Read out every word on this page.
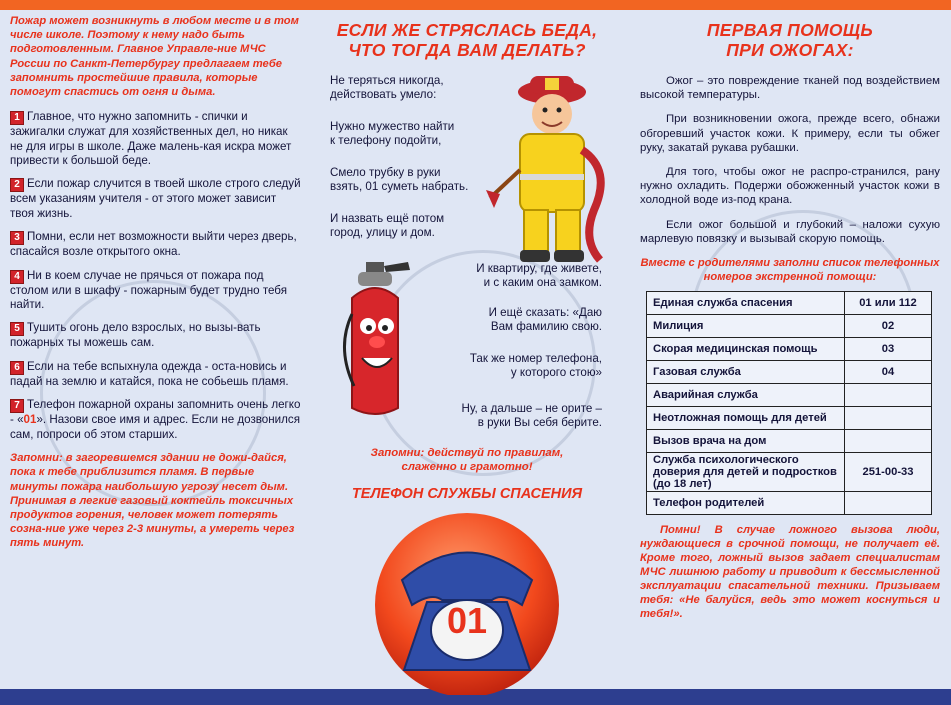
Пожар может возникнуть в любом месте и в том числе школе. Поэтому к нему надо быть подготовленным. Главное Управле-ние МЧС России по Санкт-Петербургу предлагаем тебе запомнить простейшие правила, которые помогут спастись от огня и дыма.

1 Главное, что нужно запомнить - спички и зажигалки служат для хозяйственных дел, но никак не для игры в школе. Даже малень-кая искра может привести к большой беде.

2 Если пожар случится в твоей школе строго следуй всем указаниям учителя - от этого может зависит твоя жизнь.

3 Помни, если нет возможности выйти через дверь, спасайся возле открытого окна.

4 Ни в коем случае не прячься от пожара под столом или в шкафу - пожарным будет трудно тебя найти.

5 Тушить огонь дело взрослых, но вызы-вать пожарных ты можешь сам.

6 Если на тебе вспыхнула одежда - оста-новись и падай на землю и катайся, пока не собьешь пламя.

7 Телефон пожарной охраны запомнить очень легко - «01». Назови свое имя и адрес. Если не дозвонился сам, попроси об этом старших.

Запомни: в загоревшемся здании не дожи-дайся, пока к тебе приблизится пламя. В первые минуты пожара наибольшую угрозу несет дым. Принимая в легкие газовый коктейль токсичных продуктов горения, человек может потерять созна-ние уже через 2-3 минуты, а умереть через пять минут.

ЕСЛИ ЖЕ СТРЯСЛАСЬ БЕДА,
ЧТО ТОГДА ВАМ ДЕЛАТЬ?
Не теряться никогда,
действовать умело:
Нужно мужество найти
к телефону подойти,
Смело трубку в руки
взять, 01 суметь набрать.
И назвать ещё потом
город, улицу и дом.
И квартиру, где живете,
и с каким она замком.
И ещё сказать: «Даю
Вам фамилию свою.
Так же номер телефона,
у которого стою»
Ну, а дальше – не орите –
в руки Вы себя берите.
Запомни: действуй по правилам,
слаженно и грамотно!
ТЕЛЕФОН СЛУЖБЫ СПАСЕНИЯ
01
ПЕРВАЯ ПОМОЩЬ
ПРИ ОЖОГАХ:

Ожог – это повреждение тканей под воздействием высокой температуры.

При возникновении ожога, прежде всего, обнажи обгоревший участок кожи. К примеру, если ты обжег руку, закатай рукава рубашки.

Для того, чтобы ожог не распро-странился, рану нужно охладить. Подержи обожженный участок кожи в холодной воде из-под крана.

Если ожог большой и глубокий – наложи сухую марлевую повязку и вызывай скорую помощь.

Вместе с родителями заполни список телефонных номеров экстренной помощи:

Единая служба спасения	01 или 112
Милиция	02
Скорая медицинская помощь	03
Газовая служба	04
Аварийная служба	
Неотложная помощь для детей	
Вызов врача на дом	
Служба психологического доверия для детей и подростков (до 18 лет)	251-00-33
Телефон родителей	

Помни! В случае ложного вызова люди, нуждающиеся в срочной помощи, не получает её. Кроме того, ложный вызов задает специалистам МЧС лишнюю работу и приводит к бессмысленной эксплуатации спасательной техники. Призываем тебя: «Не балуйся, ведь это может коснуться и тебя!».
